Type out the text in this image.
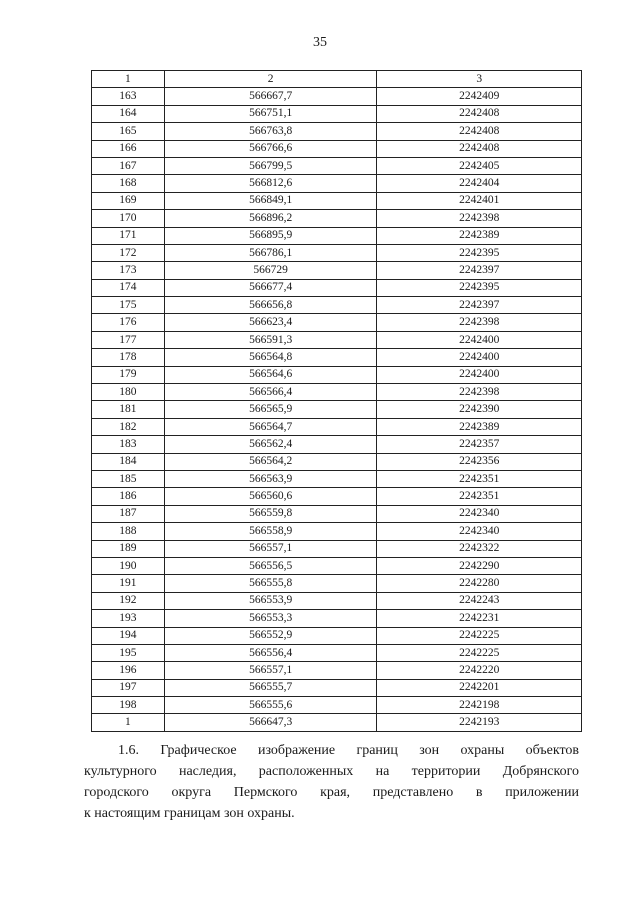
35
1	2	3
163	566667,7	2242409
164	566751,1	2242408
165	566763,8	2242408
166	566766,6	2242408
167	566799,5	2242405
168	566812,6	2242404
169	566849,1	2242401
170	566896,2	2242398
171	566895,9	2242389
172	566786,1	2242395
173	566729	2242397
174	566677,4	2242395
175	566656,8	2242397
176	566623,4	2242398
177	566591,3	2242400
178	566564,8	2242400
179	566564,6	2242400
180	566566,4	2242398
181	566565,9	2242390
182	566564,7	2242389
183	566562,4	2242357
184	566564,2	2242356
185	566563,9	2242351
186	566560,6	2242351
187	566559,8	2242340
188	566558,9	2242340
189	566557,1	2242322
190	566556,5	2242290
191	566555,8	2242280
192	566553,9	2242243
193	566553,3	2242231
194	566552,9	2242225
195	566556,4	2242225
196	566557,1	2242220
197	566555,7	2242201
198	566555,6	2242198
1	566647,3	2242193
1.6. Графическое изображение границ зон охраны объектов
культурного наследия, расположенных на территории Добрянского
городского округа Пермского края, представлено в приложении
к настоящим границам зон охраны.
